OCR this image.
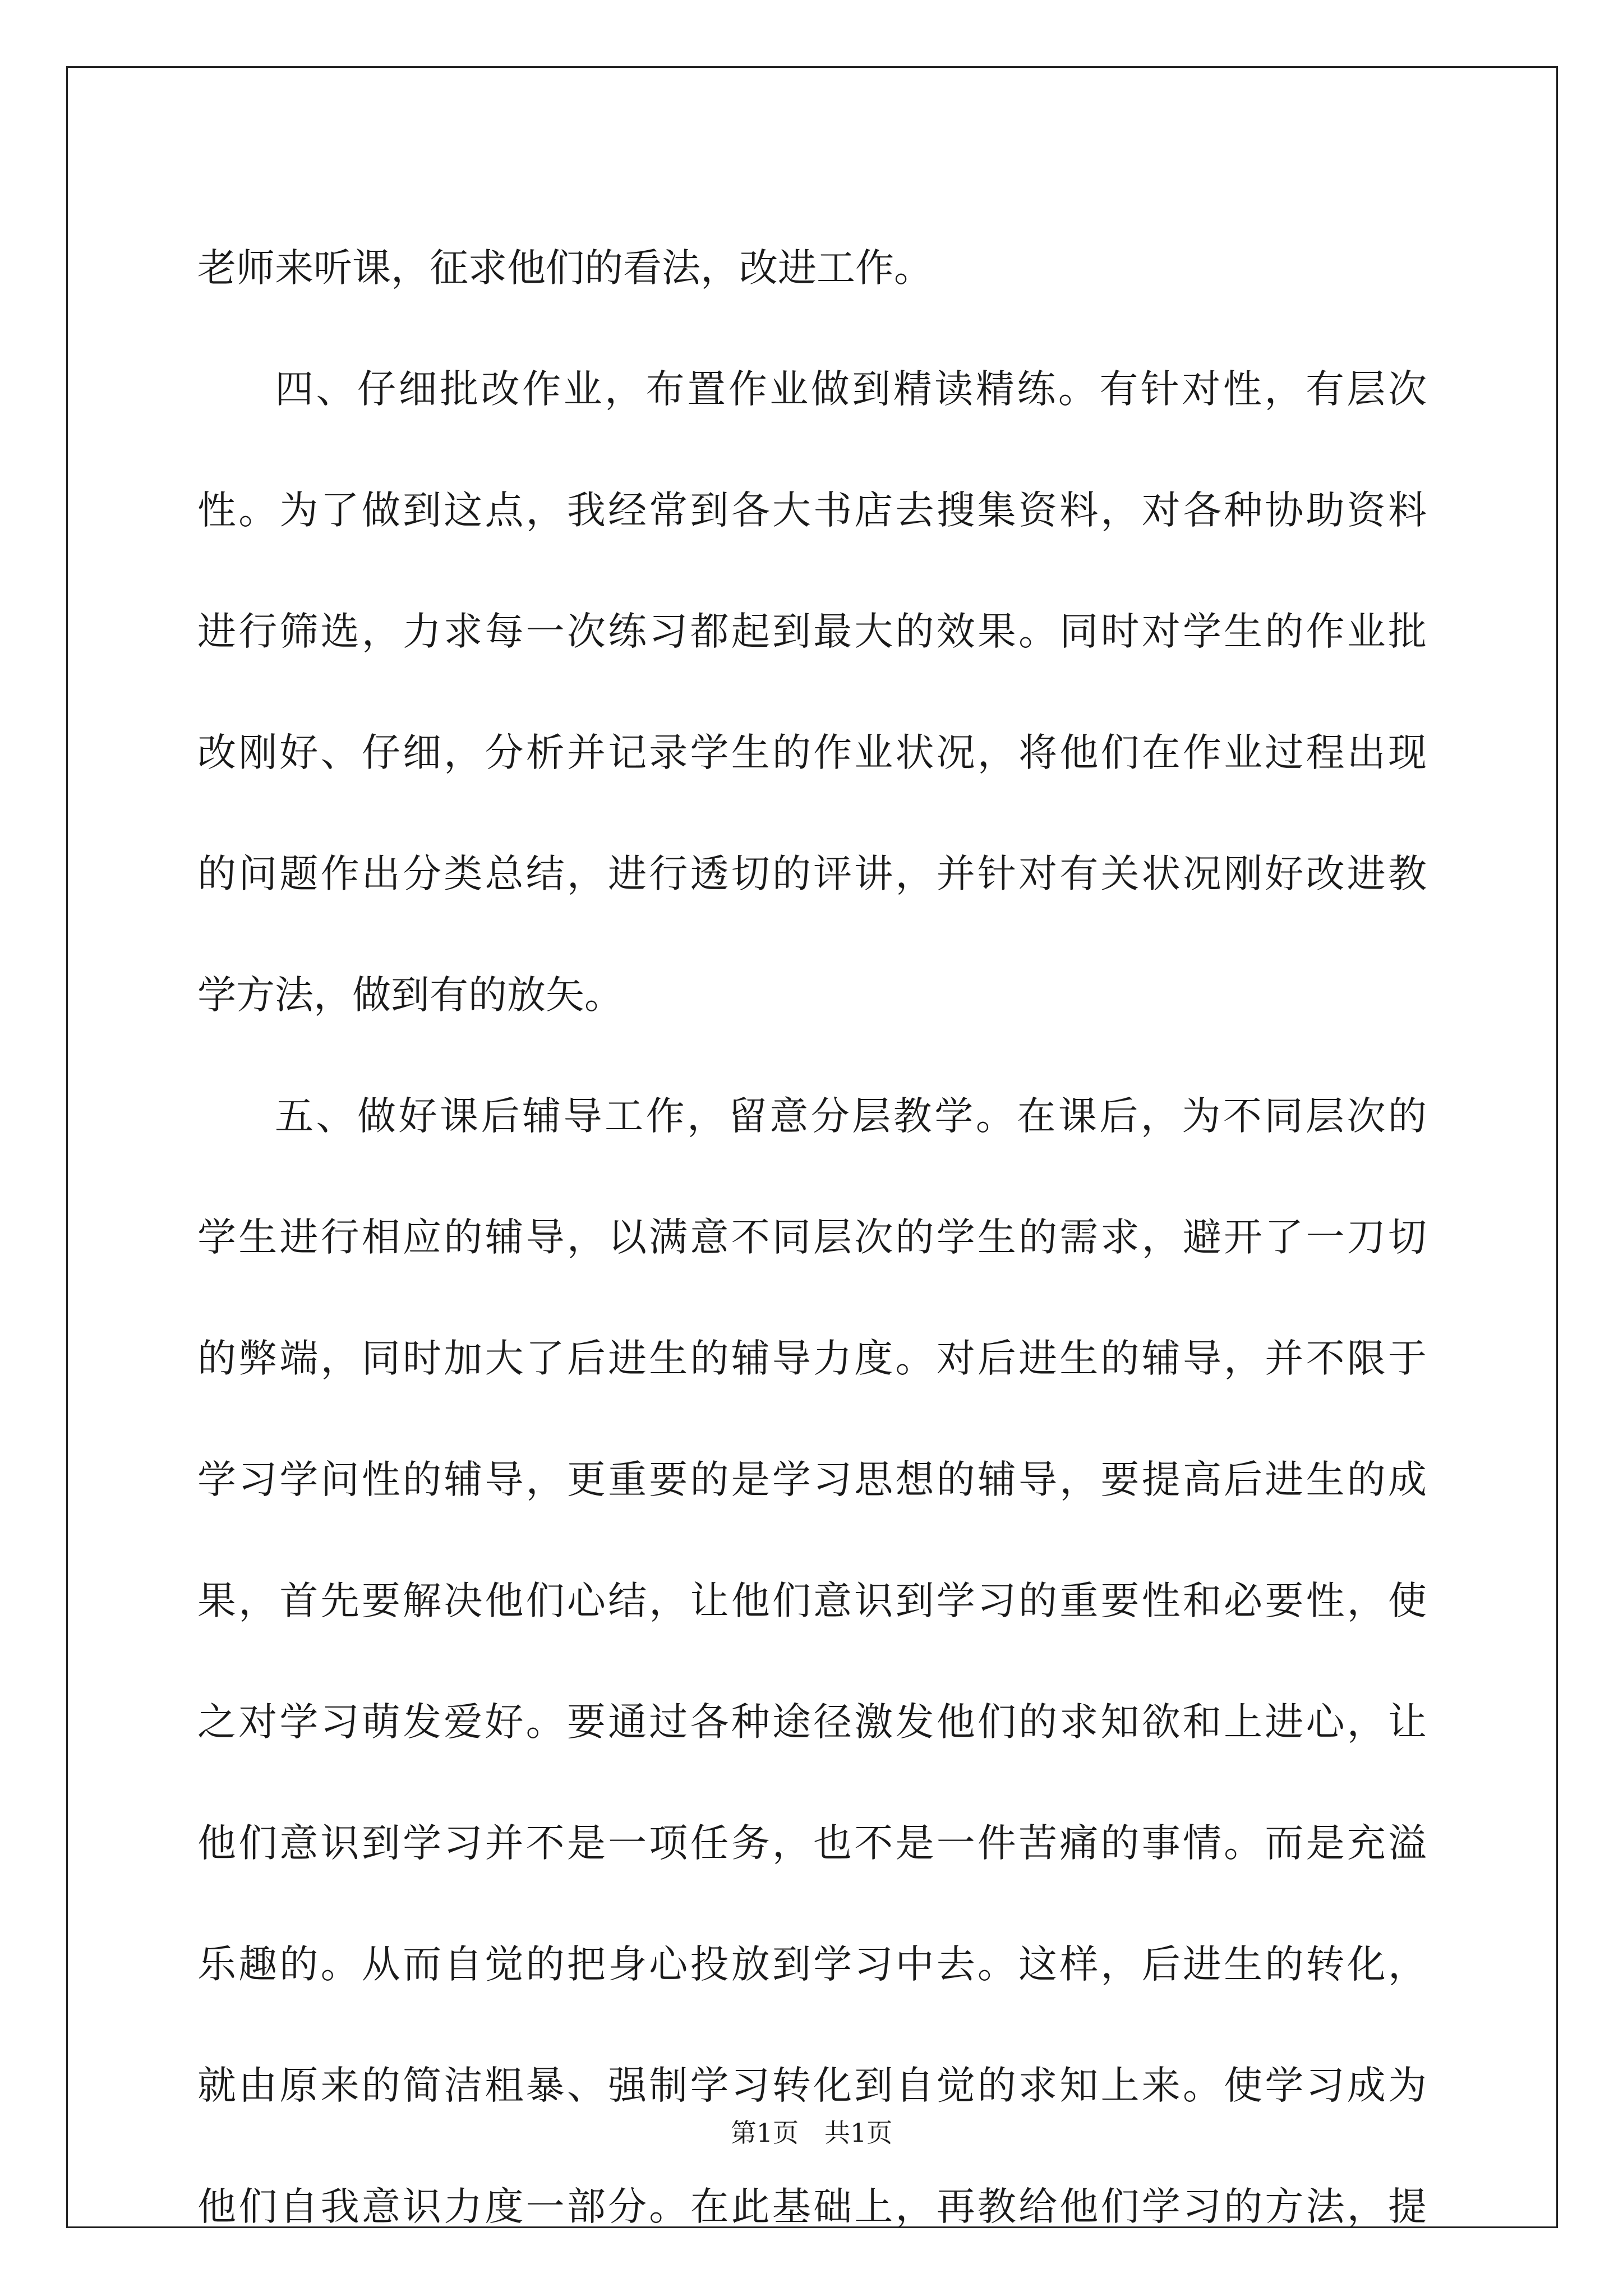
老师来听课，征求他们的看法，改进工作。
四、仔细批改作业，布置作业做到精读精练。有针对性，有层次
性。为了做到这点，我经常到各大书店去搜集资料，对各种协助资料
进行筛选，力求每一次练习都起到最大的效果。同时对学生的作业批
改刚好、仔细，分析并记录学生的作业状况，将他们在作业过程出现
的问题作出分类总结，进行透切的评讲，并针对有关状况刚好改进教
学方法，做到有的放矢。
五、做好课后辅导工作，留意分层教学。在课后，为不同层次的
学生进行相应的辅导，以满意不同层次的学生的需求，避开了一刀切
的弊端，同时加大了后进生的辅导力度。对后进生的辅导，并不限于
学习学问性的辅导，更重要的是学习思想的辅导，要提高后进生的成
果，首先要解决他们心结，让他们意识到学习的重要性和必要性，使
之对学习萌发爱好。要通过各种途径激发他们的求知欲和上进心，让
他们意识到学习并不是一项任务，也不是一件苦痛的事情。而是充溢
乐趣的。从而自觉的把身心投放到学习中去。这样，后进生的转化，
就由原来的简洁粗暴、强制学习转化到自觉的求知上来。使学习成为
他们自我意识力度一部分。在此基础上，再教给他们学习的方法，提
第1页　共1页
